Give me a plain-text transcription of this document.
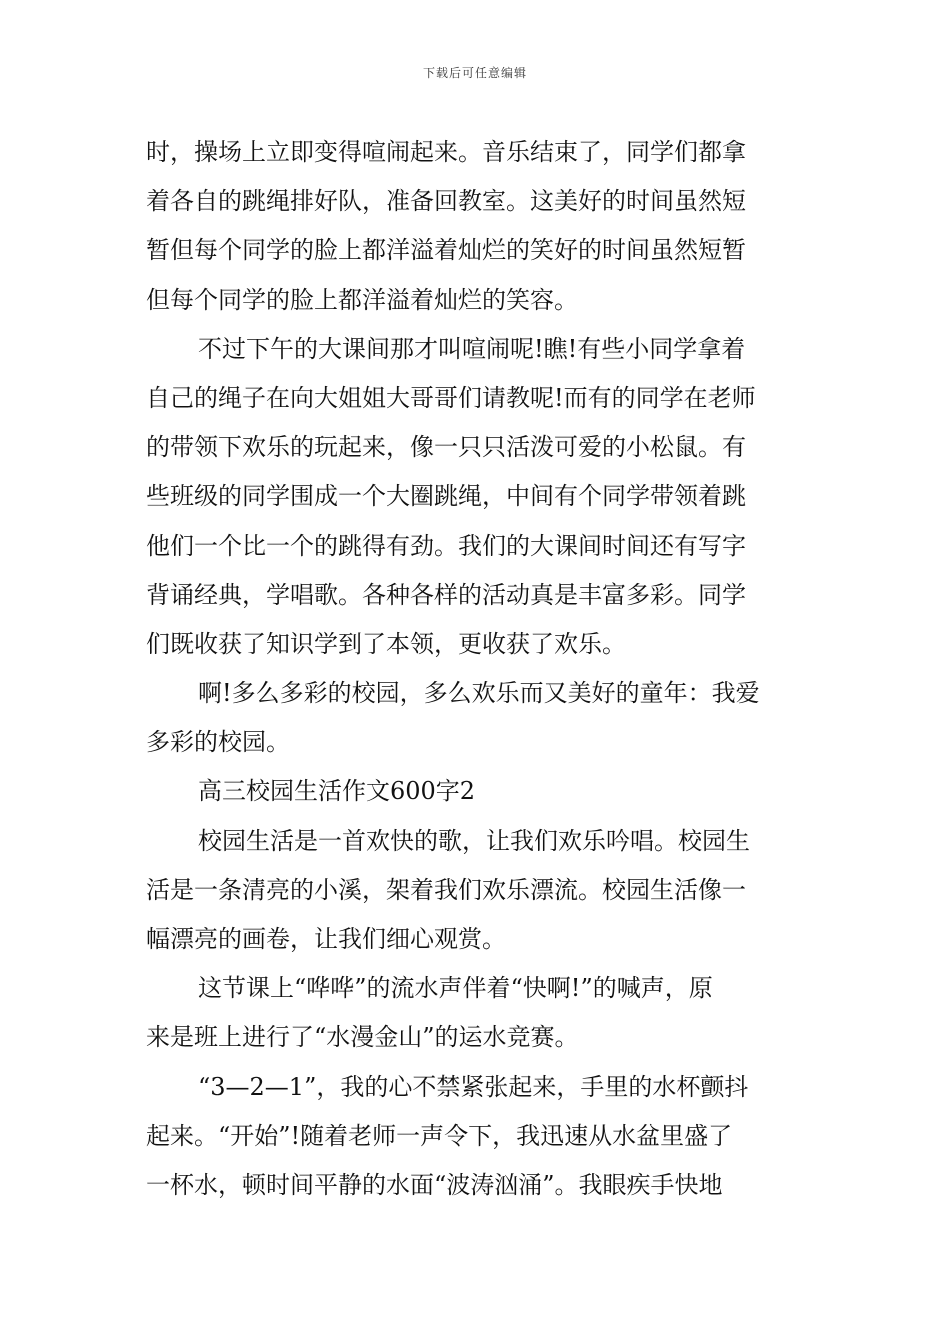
下载后可任意编辑
时，操场上立即变得喧闹起来。音乐结束了，同学们都拿
着各自的跳绳排好队，准备回教室。这美好的时间虽然短
暂但每个同学的脸上都洋溢着灿烂的笑好的时间虽然短暂
但每个同学的脸上都洋溢着灿烂的笑容。
不过下午的大课间那才叫喧闹呢!瞧!有些小同学拿着
自己的绳子在向大姐姐大哥哥们请教呢!而有的同学在老师
的带领下欢乐的玩起来，像一只只活泼可爱的小松鼠。有
些班级的同学围成一个大圈跳绳，中间有个同学带领着跳
他们一个比一个的跳得有劲。我们的大课间时间还有写字
背诵经典，学唱歌。各种各样的活动真是丰富多彩。同学
们既收获了知识学到了本领，更收获了欢乐。
啊!多么多彩的校园，多么欢乐而又美好的童年：我爱
多彩的校园。
高三校园生活作文600字2
校园生活是一首欢快的歌，让我们欢乐吟唱。校园生
活是一条清亮的小溪，架着我们欢乐漂流。校园生活像一
幅漂亮的画卷，让我们细心观赏。
这节课上“哗哗”的流水声伴着“快啊!”的喊声，原
来是班上进行了“水漫金山”的运水竞赛。
“3—2—1”，我的心不禁紧张起来，手里的水杯颤抖
起来。“开始”!随着老师一声令下，我迅速从水盆里盛了
一杯水，顿时间平静的水面“波涛汹涌”。我眼疾手快地
